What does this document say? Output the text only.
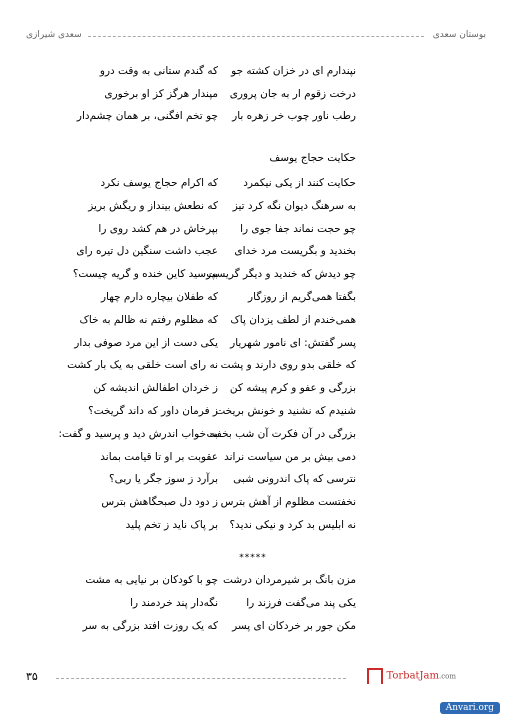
بوستان سعدی
سعدی شیرازی
نپندارم ای در خزان کشته جو
که گندم ستانی به وقت درو
درخت زقوم ار به جان پروری
مپندار هرگز کز او برخوری
رطب ناور چوب خر زهره بار
چو تخم افگنی، بر همان چشم‌دار
حکایت حجاج یوسف
حکایت کنند از یکی نیکمرد
که اکرام حجاج یوسف نکرد
به سرهنگ دیوان نگه کرد تیز
که نطعش بینداز و ریگش بریز
چو حجت نماند جفا جوی را
بپرخاش در هم کشد روی را
بخندید و بگریست مرد خدای
عجب داشت سنگین دل تیره رای
چو دیدش که خندید و دیگر گریست
بپرسید کاین خنده و گریه چیست؟
بگفتا همی‌گریم از روزگار
که طفلان بیچاره دارم چهار
همی‌خندم از لطف یزدان پاک
که مظلوم رفتم نه ظالم به خاک
پسر گفتش: ای نامور شهریار
یکی دست از این مرد صوفی بدار
که خلقی بدو روی دارند و پشت
نه رای است خلقی به یک بار کشت
بزرگی و عفو و کرم پیشه کن
ز خردان اطفالش اندیشه کن
شنیدم که نشنید و خونش بریخت
ز فرمان داور که داند گریخت؟
بزرگی در آن فکرت آن شب بخفت
به خواب اندرش دید و پرسید و گفت:
دمی بیش بر من سیاست نراند
عقوبت بر او تا قیامت بماند
نترسی که پاک اندرونی شبی
برآرد ز سوز جگر یا ربی؟
نخفتست مظلوم از آهش بترس
ز دود دل صبحگاهش بترس
نه ابلیس بد کرد و نیکی ندید؟
بر پاک ناید ز تخم پلید
*****
مزن بانگ بر شیرمردان درشت
چو با کودکان بر نیایی به مشت
یکی پند می‌گفت فرزند را
نگه‌دار پند خردمند را
مکن جور بر خردکان ای پسر
که یک روزت افتد بزرگی به سر
۳۵	TorbatJam.com
Anvari.org
